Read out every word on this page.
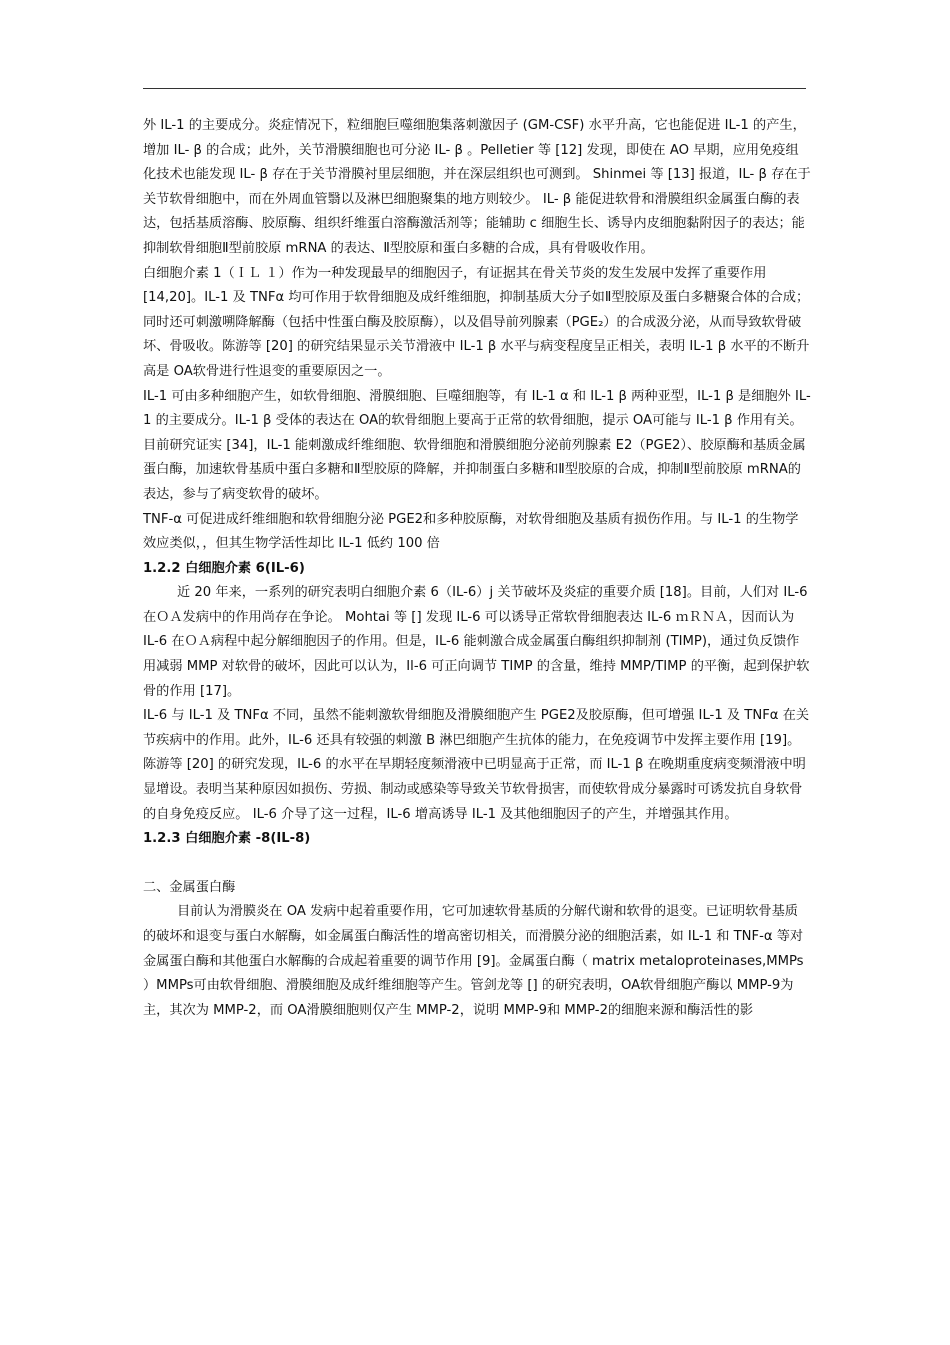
外 IL-1 的主要成分。炎症情况下，粒细胞巨噬细胞集落刺激因子 (GM-CSF) 水平升高，它也能促进 IL-1 的产生，增加 IL- β 的合成；此外，关节滑膜细胞也可分泌 IL- β 。Pelletier 等 [12] 发现，即使在 AO 早期，应用免疫组化技术也能发现 IL- β 存在于关节滑膜衬里层细胞，并在深层组织也可测到。 Shinmei 等 [13] 报道，IL- β 存在于关节软骨细胞中，而在外周血管翳以及淋巴细胞聚集的地方则较少。 IL- β 能促进软骨和滑膜组织金属蛋白酶的表达，包括基质溶酶、胶原酶、组织纤维蛋白溶酶激活剂等；能辅助 c 细胞生长、诱导内皮细胞黏附因子的表达；能抑制软骨细胞Ⅱ型前胶原 mRNA 的表达、Ⅱ型胶原和蛋白多糖的合成，具有骨吸收作用。

白细胞介素 1（ＩＬ １）作为一种发现最早的细胞因子，有证据其在骨关节炎的发生发展中发挥了重要作用 [14,20]。IL-1 及 TNFα 均可作用于软骨细胞及成纤维细胞，抑制基质大分子如Ⅱ型胶原及蛋白多糖聚合体的合成；同时还可刺激嗍降解酶（包括中性蛋白酶及胶原酶），以及倡导前列腺素（PGE₂）的合成汲分泌，从而导致软骨破坏、骨吸收。陈游等 [20] 的研究结果显示关节滑液中 IL-1 β 水平与病变程度呈正相关，表明 IL-1 β 水平的不断升高是 OA软骨进行性退变的重要原因之一。

IL-1 可由多种细胞产生，如软骨细胞、滑膜细胞、巨噬细胞等，有 IL-1 α 和 IL-1 β 两种亚型，IL-1 β 是细胞外 IL-1 的主要成分。IL-1 β 受体的表达在 OA的软骨细胞上要高于正常的软骨细胞，提示 OA可能与 IL-1 β 作用有关。目前研究证实 [34]，IL-1 能刺激成纤维细胞、软骨细胞和滑膜细胞分泌前列腺素 E2（PGE2）、胶原酶和基质金属蛋白酶，加速软骨基质中蛋白多糖和Ⅱ型胶原的降解，并抑制蛋白多糖和Ⅱ型胶原的合成，抑制Ⅱ型前胶原 mRNA的表达，参与了病变软骨的破坏。

TNF-α 可促进成纤维细胞和软骨细胞分泌 PGE2和多种胶原酶，对软骨细胞及基质有损伤作用。与 IL-1 的生物学效应类似，，但其生物学活性却比 IL-1 低约 100 倍

1.2.2 白细胞介素 6(IL-6)

近 20 年来，一系列的研究表明白细胞介素 6（IL-6）j 关节破坏及炎症的重要介质 [18]。目前，人们对 IL-6 在ＯＡ发病中的作用尚存在争论。 Mohtai 等 [] 发现 IL-6 可以诱导正常软骨细胞表达 IL-6 ｍＲＮＡ，因而认为 IL-6 在ＯＡ病程中起分解细胞因子的作用。但是，IL-6 能刺激合成金属蛋白酶组织抑制剂 (TIMP)，通过负反馈作用减弱 MMP 对软骨的破坏，因此可以认为，Il-6 可正向调节 TIMP 的含量，维持 MMP/TIMP 的平衡，起到保护软骨的作用 [17]。

IL-6 与 IL-1 及 TNFα 不同，虽然不能刺激软骨细胞及滑膜细胞产生 PGE2及胶原酶，但可增强 IL-1 及 TNFα 在关节疾病中的作用。此外，IL-6 还具有较强的刺激 B 淋巴细胞产生抗体的能力，在免疫调节中发挥主要作用 [19]。陈游等 [20] 的研究发现，IL-6 的水平在早期轻度频滑液中已明显高于正常，而 IL-1 β 在晚期重度病变频滑液中明显增设。表明当某种原因如损伤、劳损、制动或感染等导致关节软骨损害，而使软骨成分暴露时可诱发抗自身软骨的自身免疫反应。 IL-6 介导了这一过程，IL-6 增高诱导 IL-1 及其他细胞因子的产生，并增强其作用。

1.2.3 白细胞介素 -8(IL-8)

二、金属蛋白酶

目前认为滑膜炎在 OA 发病中起着重要作用，它可加速软骨基质的分解代谢和软骨的退变。已证明软骨基质的破坏和退变与蛋白水解酶，如金属蛋白酶活性的增高密切相关，而滑膜分泌的细胞活素，如 IL-1 和 TNF-α 等对金属蛋白酶和其他蛋白水解酶的合成起着重要的调节作用 [9]。金属蛋白酶（ matrix metaloproteinases,MMPs ）MMPs可由软骨细胞、滑膜细胞及成纤维细胞等产生。管剑龙等 [] 的研究表明，OA软骨细胞产酶以 MMP-9为主，其次为 MMP-2，而 OA滑膜细胞则仅产生 MMP-2，说明 MMP-9和 MMP-2的细胞来源和酶活性的影
